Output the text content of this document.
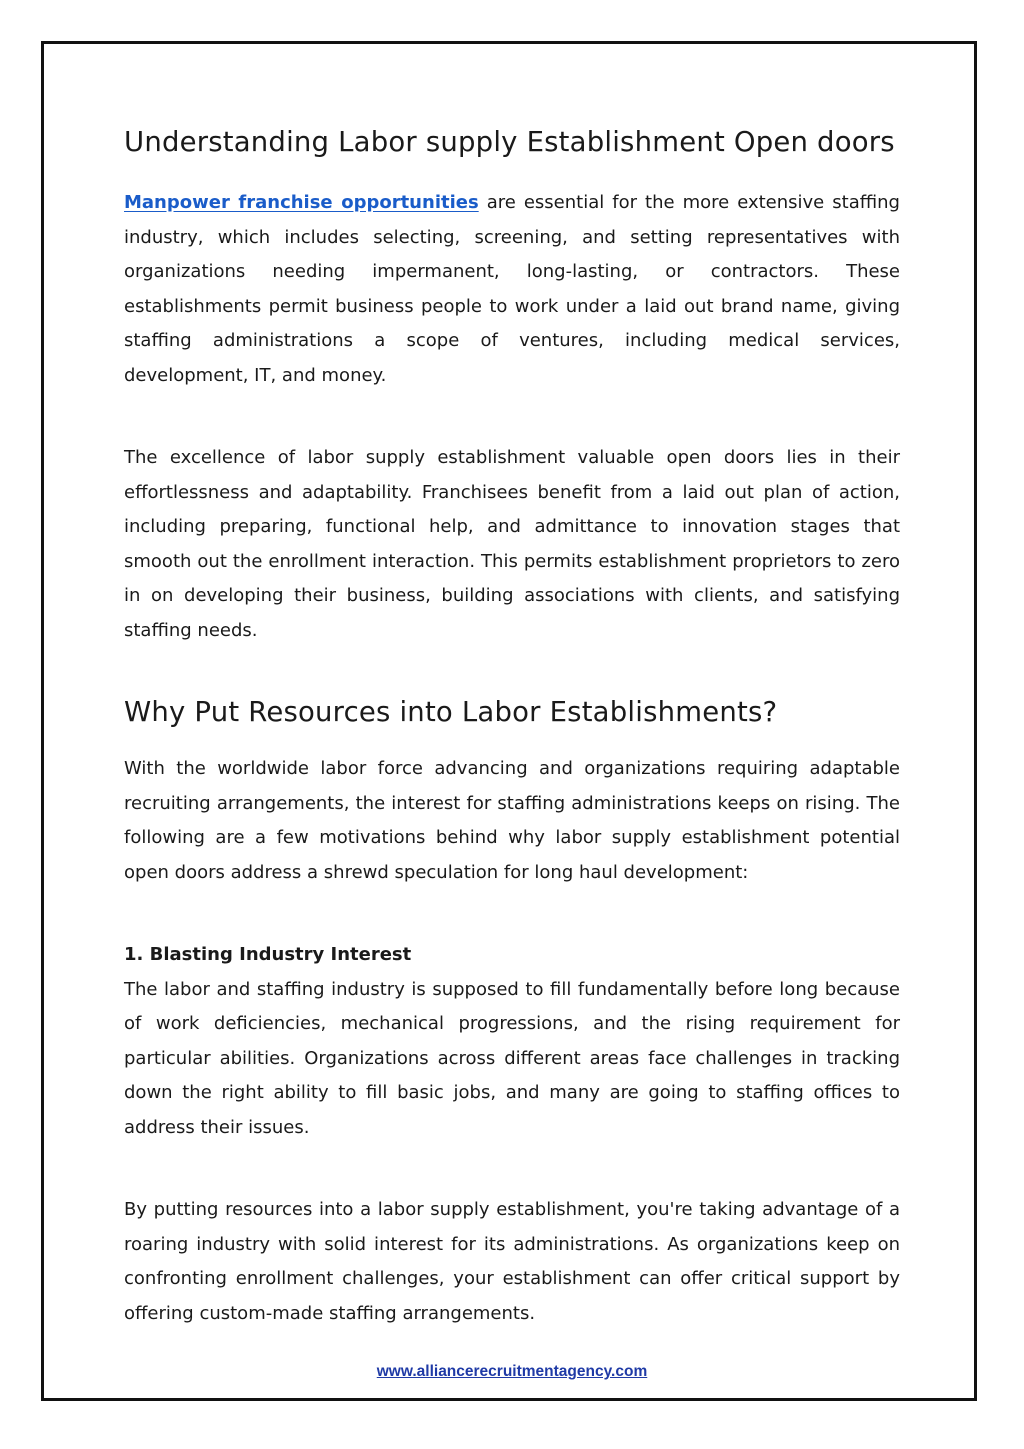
Understanding Labor supply Establishment Open doors

Manpower franchise opportunities are essential for the more extensive staffing industry, which includes selecting, screening, and setting representatives with organizations needing impermanent, long-lasting, or contractors. These establishments permit business people to work under a laid out brand name, giving staffing administrations a scope of ventures, including medical services, development, IT, and money.

The excellence of labor supply establishment valuable open doors lies in their effortlessness and adaptability. Franchisees benefit from a laid out plan of action, including preparing, functional help, and admittance to innovation stages that smooth out the enrollment interaction. This permits establishment proprietors to zero in on developing their business, building associations with clients, and satisfying staffing needs.

Why Put Resources into Labor Establishments?

With the worldwide labor force advancing and organizations requiring adaptable recruiting arrangements, the interest for staffing administrations keeps on rising. The following are a few motivations behind why labor supply establishment potential open doors address a shrewd speculation for long haul development:

1. Blasting Industry Interest

The labor and staffing industry is supposed to fill fundamentally before long because of work deficiencies, mechanical progressions, and the rising requirement for particular abilities. Organizations across different areas face challenges in tracking down the right ability to fill basic jobs, and many are going to staffing offices to address their issues.

By putting resources into a labor supply establishment, you're taking advantage of a roaring industry with solid interest for its administrations. As organizations keep on confronting enrollment challenges, your establishment can offer critical support by offering custom-made staffing arrangements.

www.alliancerecruitmentagency.com
